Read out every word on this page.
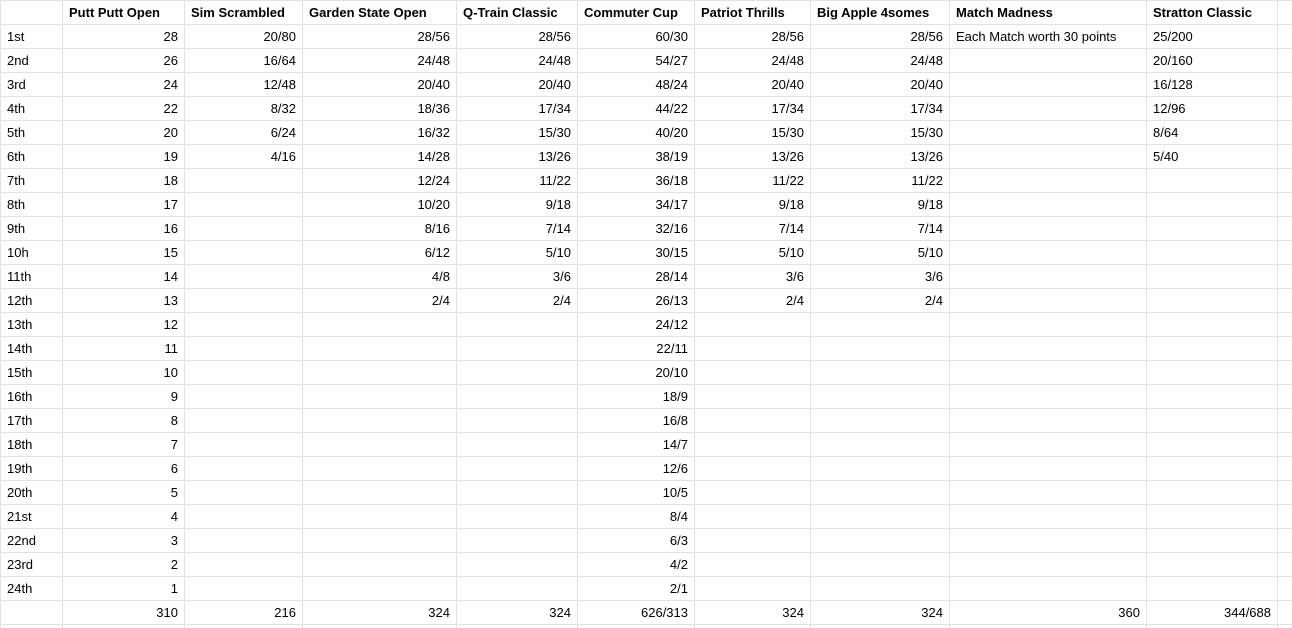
	Putt Putt Open	Sim Scrambled	Garden State Open	Q-Train Classic	Commuter Cup	Patriot Thrills	Big Apple 4somes	Match Madness	Stratton Classic	
1st	28	20/80	28/56	28/56	60/30	28/56	28/56	Each Match worth 30 points	25/200	
2nd	26	16/64	24/48	24/48	54/27	24/48	24/48		20/160	
3rd	24	12/48	20/40	20/40	48/24	20/40	20/40		16/128	
4th	22	8/32	18/36	17/34	44/22	17/34	17/34		12/96	
5th	20	6/24	16/32	15/30	40/20	15/30	15/30		8/64	
6th	19	4/16	14/28	13/26	38/19	13/26	13/26		5/40	
7th	18		12/24	11/22	36/18	11/22	11/22			
8th	17		10/20	9/18	34/17	9/18	9/18			
9th	16		8/16	7/14	32/16	7/14	7/14			
10h	15		6/12	5/10	30/15	5/10	5/10			
11th	14		4/8	3/6	28/14	3/6	3/6			
12th	13		2/4	2/4	26/13	2/4	2/4			
13th	12				24/12					
14th	11				22/11					
15th	10				20/10					
16th	9				18/9					
17th	8				16/8					
18th	7				14/7					
19th	6				12/6					
20th	5				10/5					
21st	4				8/4					
22nd	3				6/3					
23rd	2				4/2					
24th	1				2/1					
	310	216	324	324	626/313	324	324	360	344/688	
